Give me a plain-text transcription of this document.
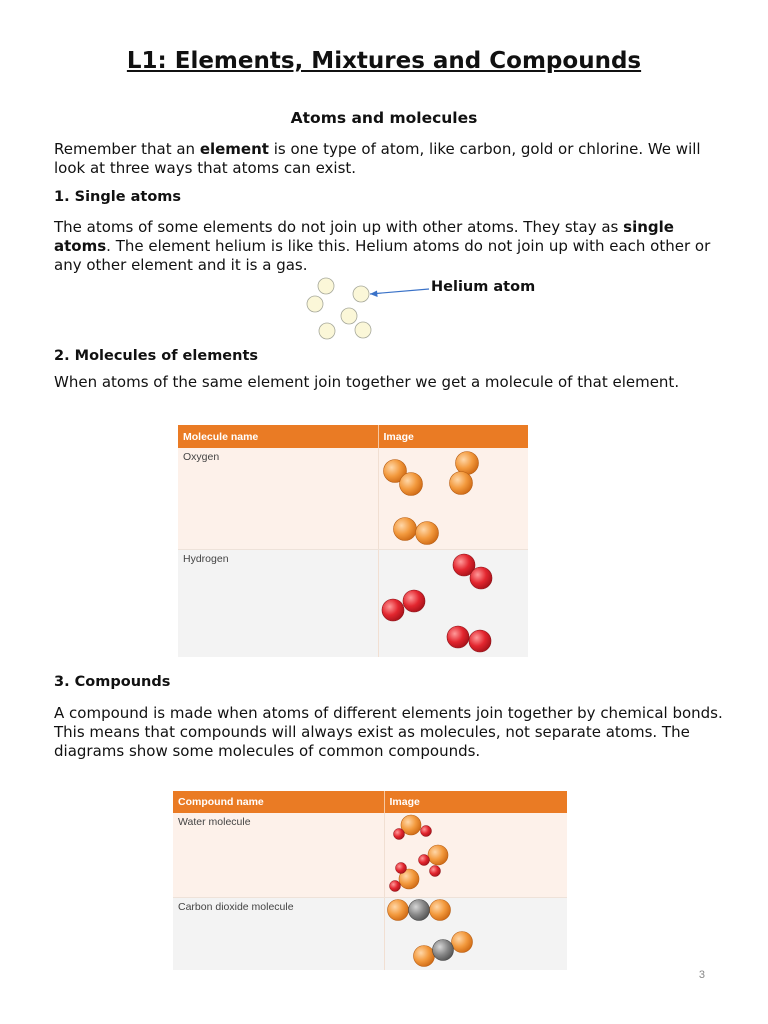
L1: Elements, Mixtures and Compounds
Atoms and molecules
Remember that an element is one type of atom, like carbon, gold or chlorine. We will look at three ways that atoms can exist.
1. Single atoms
The atoms of some elements do not join up with other atoms. They stay as single atoms. The element helium is like this. Helium atoms do not join up with each other or any other element and it is a gas.
Helium atom
2. Molecules of elements
When atoms of the same element join together we get a molecule of that element.
Molecule name	Image
Oxygen	
Hydrogen	
3. Compounds
A compound is made when atoms of different elements join together by chemical bonds. This means that compounds will always exist as molecules, not separate atoms. The diagrams show some molecules of common compounds.
Compound name	Image
Water molecule	
Carbon dioxide molecule	
3
